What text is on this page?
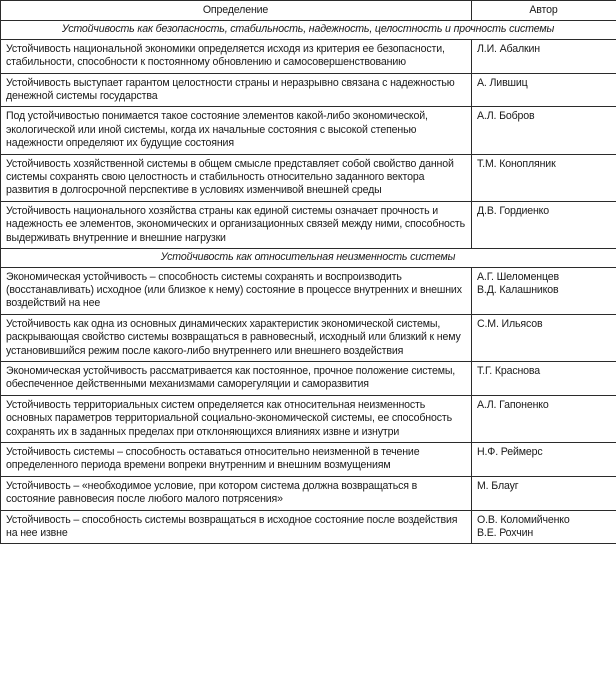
Определение	Автор
Устойчивость как безопасность, стабильность, надежность, целостность и прочность системы	
Устойчивость национальной экономики определяется исходя из критерия ее безопасности, стабильности, способности к постоянному обновлению и самосовершенствованию	Л.И. Абалкин

Устойчивость выступает гарантом целостности страны и неразрывно связана с надежностью денежной системы государства	А. Лившиц

Под устойчивостью понимается такое состояние элементов какой-либо экономической, экологической или иной системы, когда их начальные состояния с высокой степенью надежности определяют их будущие состояния	А.Л. Бобров

Устойчивость хозяйственной системы в общем смысле представляет собой свойство данной системы сохранять свою целостность и стабильность относительно заданного вектора развития в долгосрочной перспективе в условиях изменчивой внешней среды	Т.М. Конопляник

Устойчивость национального хозяйства страны как единой системы означает прочность и надежность ее элементов, экономических и организационных связей между ними, способность выдерживать внутренние и внешние нагрузки	Д.В. Гордиенко

Устойчивость как относительная неизменность системы	
Экономическая устойчивость – способность системы сохранять и воспроизводить (восстанавливать) исходное (или близкое к нему) состояние в процессе внутренних и внешних воздействий на нее	А.Г. Шеломенцев
В.Д. Калашников

Устойчивость как одна из основных динамических характеристик экономической системы, раскрывающая свойство системы возвращаться в равновесный, исходный или близкий к нему установившийся режим после какого-либо внутреннего или внешнего воздействия	С.М. Ильясов

Экономическая устойчивость рассматривается как постоянное, прочное положение системы, обеспеченное действенными механизмами саморегуляции и саморазвития	Т.Г. Краснова

Устойчивость территориальных систем определяется как относительная неизменность основных параметров территориальной социально-экономической системы, ее способность сохранять их в заданных пределах при отклоняющихся влияниях извне и изнутри	А.Л. Гапоненко

Устойчивость системы – способность оставаться относительно неизменной в течение определенного периода времени вопреки внутренним и внешним возмущениям	Н.Ф. Реймерс

Устойчивость – «необходимое условие, при котором система должна возвращаться в состояние равновесия после любого малого потрясения»	М. Блауг

Устойчивость – способность системы возвращаться в исходное состояние после воздействия на нее извне	О.В. Коломийченко
В.Е. Рохчин
